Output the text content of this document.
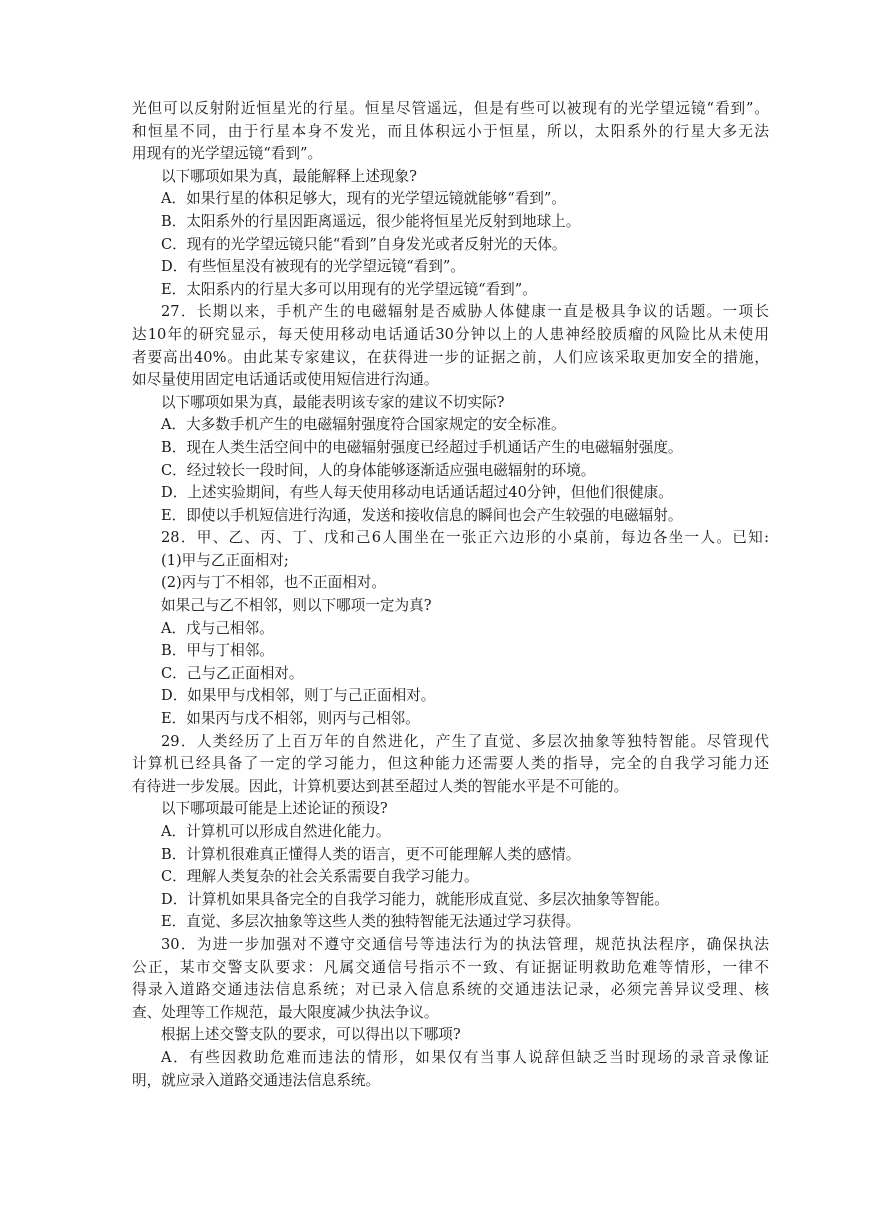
光但可以反射附近恒星光的行星。恒星尽管遥远，但是有些可以被现有的光学望远镜“看到”。
和恒星不同，由于行星本身不发光，而且体积远小于恒星，所以，太阳系外的行星大多无法
用现有的光学望远镜“看到”。
以下哪项如果为真，最能解释上述现象?
A．如果行星的体积足够大，现有的光学望远镜就能够“看到”。
B．太阳系外的行星因距离遥远，很少能将恒星光反射到地球上。
C．现有的光学望远镜只能“看到”自身发光或者反射光的天体。
D．有些恒星没有被现有的光学望远镜“看到”。
E．太阳系内的行星大多可以用现有的光学望远镜“看到”。
27．长期以来，手机产生的电磁辐射是否威胁人体健康一直是极具争议的话题。一项长
达10年的研究显示，每天使用移动电话通话30分钟以上的人患神经胶质瘤的风险比从未使用
者要高出40%。由此某专家建议，在获得进一步的证据之前，人们应该采取更加安全的措施，
如尽量使用固定电话通话或使用短信进行沟通。
以下哪项如果为真，最能表明该专家的建议不切实际?
A．大多数手机产生的电磁辐射强度符合国家规定的安全标准。
B．现在人类生活空间中的电磁辐射强度已经超过手机通话产生的电磁辐射强度。
C．经过较长一段时间，人的身体能够逐渐适应强电磁辐射的环境。
D．上述实验期间，有些人每天使用移动电话通话超过40分钟，但他们很健康。
E．即使以手机短信进行沟通，发送和接收信息的瞬间也会产生较强的电磁辐射。
28．甲、乙、丙、丁、戊和己6人围坐在一张正六边形的小桌前，每边各坐一人。已知:
(1)甲与乙正面相对;
(2)丙与丁不相邻，也不正面相对。
如果己与乙不相邻，则以下哪项一定为真?
A．戊与己相邻。
B．甲与丁相邻。
C．己与乙正面相对。
D．如果甲与戊相邻，则丁与己正面相对。
E．如果丙与戊不相邻，则丙与己相邻。
29．人类经历了上百万年的自然进化，产生了直觉、多层次抽象等独特智能。尽管现代
计算机已经具备了一定的学习能力，但这种能力还需要人类的指导，完全的自我学习能力还
有待进一步发展。因此，计算机要达到甚至超过人类的智能水平是不可能的。
以下哪项最可能是上述论证的预设?
A．计算机可以形成自然进化能力。
B．计算机很难真正懂得人类的语言，更不可能理解人类的感情。
C．理解人类复杂的社会关系需要自我学习能力。
D．计算机如果具备完全的自我学习能力，就能形成直觉、多层次抽象等智能。
E．直觉、多层次抽象等这些人类的独特智能无法通过学习获得。
30．为进一步加强对不遵守交通信号等违法行为的执法管理，规范执法程序，确保执法
公正，某市交警支队要求：凡属交通信号指示不一致、有证据证明救助危难等情形，一律不
得录入道路交通违法信息系统；对已录入信息系统的交通违法记录，必须完善异议受理、核
查、处理等工作规范，最大限度减少执法争议。
根据上述交警支队的要求，可以得出以下哪项?
A．有些因救助危难而违法的情形，如果仅有当事人说辞但缺乏当时现场的录音录像证
明，就应录入道路交通违法信息系统。
